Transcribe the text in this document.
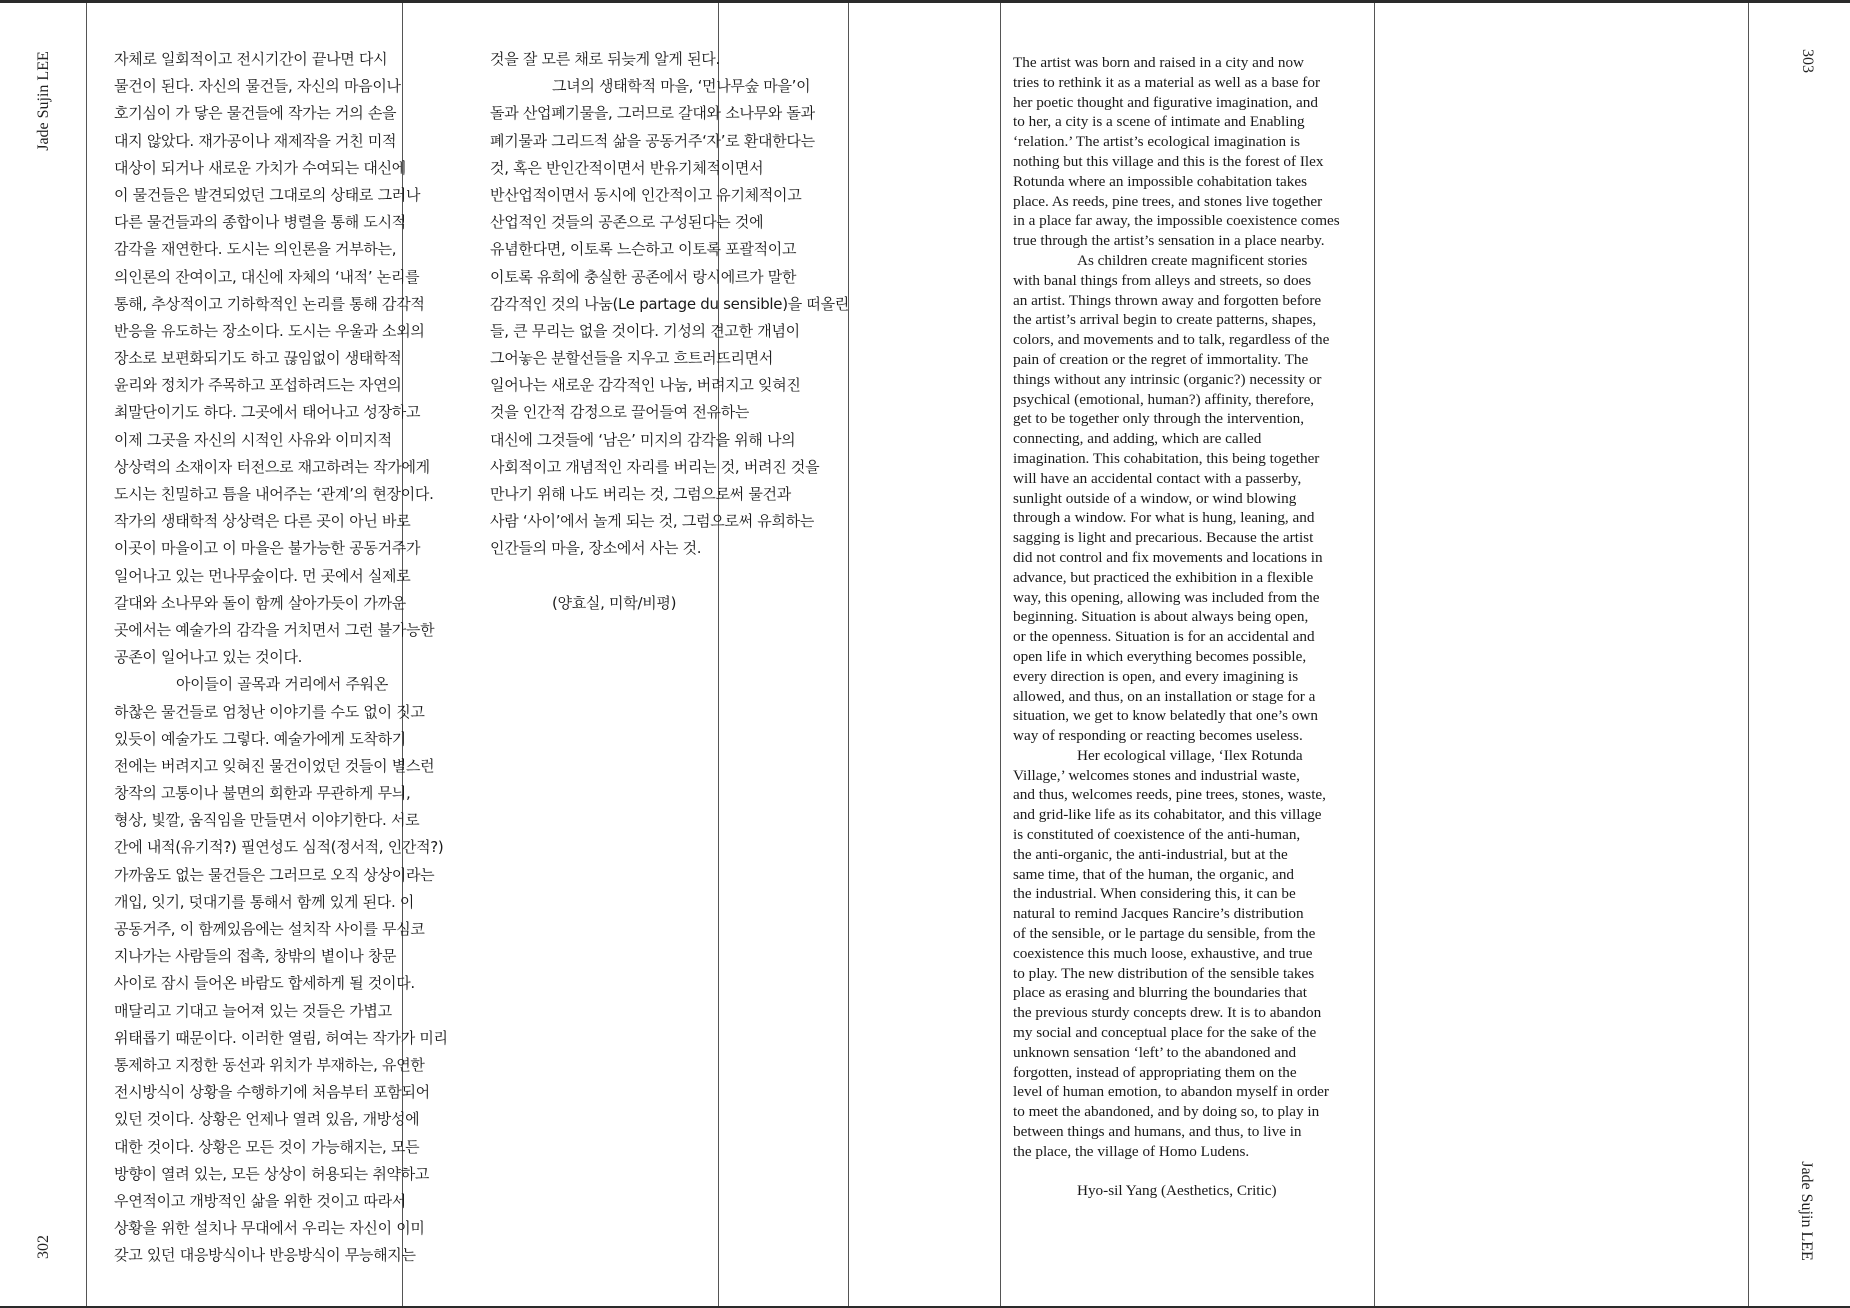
Jade Sujin LEE
302
303
Jade Sujin LEE
자체로 일회적이고 전시기간이 끝나면 다시
물건이 된다. 자신의 물건들, 자신의 마음이나
호기심이 가 닿은 물건들에 작가는 거의 손을
대지 않았다. 재가공이나 재제작을 거친 미적
대상이 되거나 새로운 가치가 수여되는 대신에
이 물건들은 발견되었던 그대로의 상태로 그러나
다른 물건들과의 종합이나 병렬을 통해 도시적
감각을 재연한다. 도시는 의인론을 거부하는,
의인론의 잔여이고, 대신에 자체의 ‘내적’ 논리를
통해, 추상적이고 기하학적인 논리를 통해 감각적
반응을 유도하는 장소이다. 도시는 우울과 소외의
장소로 보편화되기도 하고 끊임없이 생태학적
윤리와 정치가 주목하고 포섭하려드는 자연의
최말단이기도 하다. 그곳에서 태어나고 성장하고
이제 그곳을 자신의 시적인 사유와 이미지적
상상력의 소재이자 터전으로 재고하려는 작가에게
도시는 친밀하고 틈을 내어주는 ‘관계’의 현장이다.
작가의 생태학적 상상력은 다른 곳이 아닌 바로
이곳이 마을이고 이 마을은 불가능한 공동거주가
일어나고 있는 먼나무숲이다. 먼 곳에서 실제로
갈대와 소나무와 돌이 함께 살아가듯이 가까운
곳에서는 예술가의 감각을 거치면서 그런 불가능한
공존이 일어나고 있는 것이다.
아이들이 골목과 거리에서 주워온
하찮은 물건들로 엄청난 이야기를 수도 없이 짓고
있듯이 예술가도 그렇다. 예술가에게 도착하기
전에는 버려지고 잊혀진 물건이었던 것들이 별스런
창작의 고통이나 불면의 회한과 무관하게 무늬,
형상, 빛깔, 움직임을 만들면서 이야기한다. 서로
간에 내적(유기적?) 필연성도 심적(정서적, 인간적?)
가까움도 없는 물건들은 그러므로 오직 상상이라는
개입, 잇기, 덧대기를 통해서 함께 있게 된다. 이
공동거주, 이 함께있음에는 설치작 사이를 무심코
지나가는 사람들의 접촉, 창밖의 볕이나 창문
사이로 잠시 들어온 바람도 합세하게 될 것이다.
매달리고 기대고 늘어져 있는 것들은 가볍고
위태롭기 때문이다. 이러한 열림, 허여는 작가가 미리
통제하고 지정한 동선과 위치가 부재하는, 유연한
전시방식이 상황을 수행하기에 처음부터 포함되어
있던 것이다. 상황은 언제나 열려 있음, 개방성에
대한 것이다. 상황은 모든 것이 가능해지는, 모든
방향이 열려 있는, 모든 상상이 허용되는 취약하고
우연적이고 개방적인 삶을 위한 것이고 따라서
상황을 위한 설치나 무대에서 우리는 자신이 이미
갖고 있던 대응방식이나 반응방식이 무능해지는
것을 잘 모른 채로 뒤늦게 알게 된다.
그녀의 생태학적 마을, ‘먼나무숲 마을’이
돌과 산업폐기물을, 그러므로 갈대와 소나무와 돌과
폐기물과 그리드적 삶을 공동거주‘자’로 환대한다는
것, 혹은 반인간적이면서 반유기체적이면서
반산업적이면서 동시에 인간적이고 유기체적이고
산업적인 것들의 공존으로 구성된다는 것에
유념한다면, 이토록 느슨하고 이토록 포괄적이고
이토록 유희에 충실한 공존에서 랑시에르가 말한
감각적인 것의 나눔(Le partage du sensible)을 떠올린
들, 큰 무리는 없을 것이다. 기성의 견고한 개념이
그어놓은 분할선들을 지우고 흐트러뜨리면서
일어나는 새로운 감각적인 나눔, 버려지고 잊혀진
것을 인간적 감정으로 끌어들여 전유하는
대신에 그것들에 ‘남은’ 미지의 감각을 위해 나의
사회적이고 개념적인 자리를 버리는 것, 버려진 것을
만나기 위해 나도 버리는 것, 그럼으로써 물건과
사람 ‘사이’에서 놀게 되는 것, 그럼으로써 유희하는
인간들의 마을, 장소에서 사는 것.
(양효실, 미학/비평)
The artist was born and raised in a city and now
tries to rethink it as a material as well as a base for
her poetic thought and figurative imagination, and
to her, a city is a scene of intimate and Enabling
‘relation.’ The artist’s ecological imagination is
nothing but this village and this is the forest of Ilex
Rotunda where an impossible cohabitation takes
place. As reeds, pine trees, and stones live together
in a place far away, the impossible coexistence comes
true through the artist’s sensation in a place nearby.
As children create magnificent stories
with banal things from alleys and streets, so does
an artist. Things thrown away and forgotten before
the artist’s arrival begin to create patterns, shapes,
colors, and movements and to talk, regardless of the
pain of creation or the regret of immortality. The
things without any intrinsic (organic?) necessity or
psychical (emotional, human?) affinity, therefore,
get to be together only through the intervention,
connecting, and adding, which are called
imagination. This cohabitation, this being together
will have an accidental contact with a passerby,
sunlight outside of a window, or wind blowing
through a window. For what is hung, leaning, and
sagging is light and precarious. Because the artist
did not control and fix movements and locations in
advance, but practiced the exhibition in a flexible
way, this opening, allowing was included from the
beginning. Situation is about always being open,
or the openness. Situation is for an accidental and
open life in which everything becomes possible,
every direction is open, and every imagining is
allowed, and thus, on an installation or stage for a
situation, we get to know belatedly that one’s own
way of responding or reacting becomes useless.
Her ecological village, ‘Ilex Rotunda
Village,’ welcomes stones and industrial waste,
and thus, welcomes reeds, pine trees, stones, waste,
and grid-like life as its cohabitator, and this village
is constituted of coexistence of the anti-human,
the anti-organic, the anti-industrial, but at the
same time, that of the human, the organic, and
the industrial. When considering this, it can be
natural to remind Jacques Rancire’s distribution
of the sensible, or le partage du sensible, from the
coexistence this much loose, exhaustive, and true
to play. The new distribution of the sensible takes
place as erasing and blurring the boundaries that
the previous sturdy concepts drew. It is to abandon
my social and conceptual place for the sake of the
unknown sensation ‘left’ to the abandoned and
forgotten, instead of appropriating them on the
level of human emotion, to abandon myself in order
to meet the abandoned, and by doing so, to play in
between things and humans, and thus, to live in
the place, the village of Homo Ludens.
Hyo-sil Yang (Aesthetics, Critic)
